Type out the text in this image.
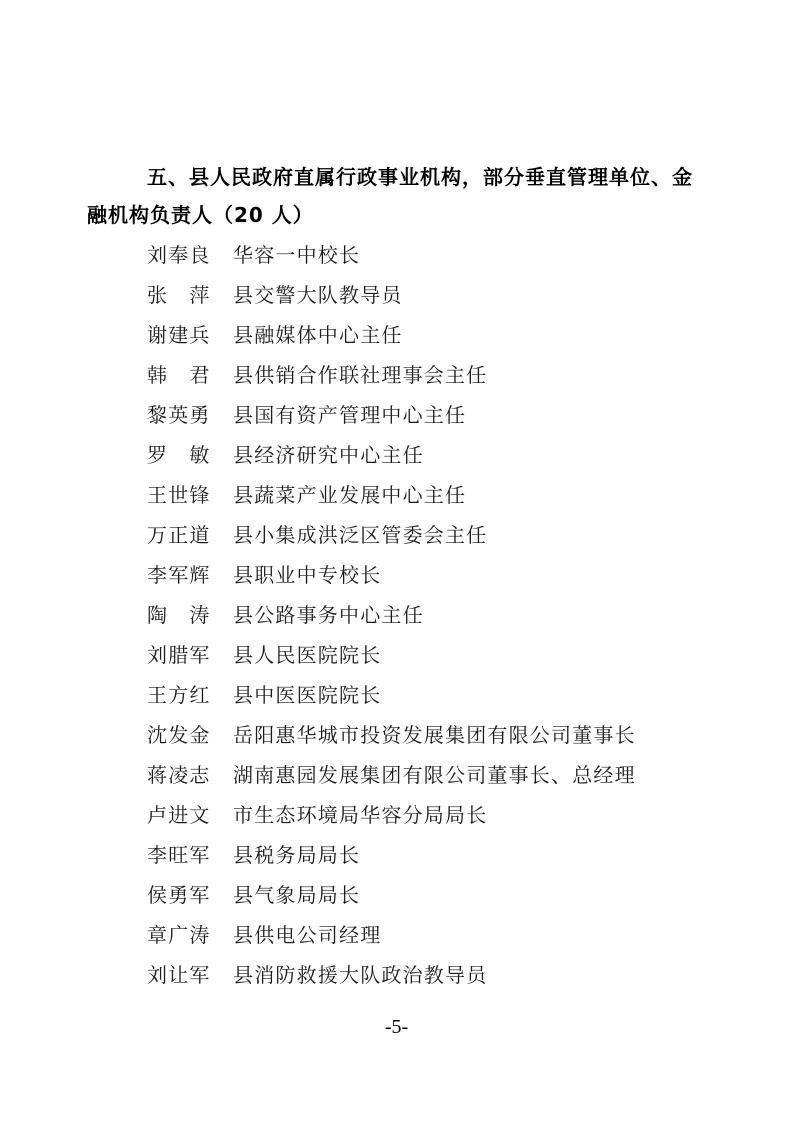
五、县人民政府直属行政事业机构，部分垂直管理单位、金
融机构负责人（20 人）
刘奉良	华容一中校长
张　萍	县交警大队教导员
谢建兵	县融媒体中心主任
韩　君	县供销合作联社理事会主任
黎英勇	县国有资产管理中心主任
罗　敏	县经济研究中心主任
王世锋	县蔬菜产业发展中心主任
万正道	县小集成洪泛区管委会主任
李军辉	县职业中专校长
陶　涛	县公路事务中心主任
刘腊军	县人民医院院长
王方红	县中医医院院长
沈发金	岳阳惠华城市投资发展集团有限公司董事长
蒋凌志	湖南惠园发展集团有限公司董事长、总经理
卢进文	市生态环境局华容分局局长
李旺军	县税务局局长
侯勇军	县气象局局长
章广涛	县供电公司经理
刘让军	县消防救援大队政治教导员
-5-
